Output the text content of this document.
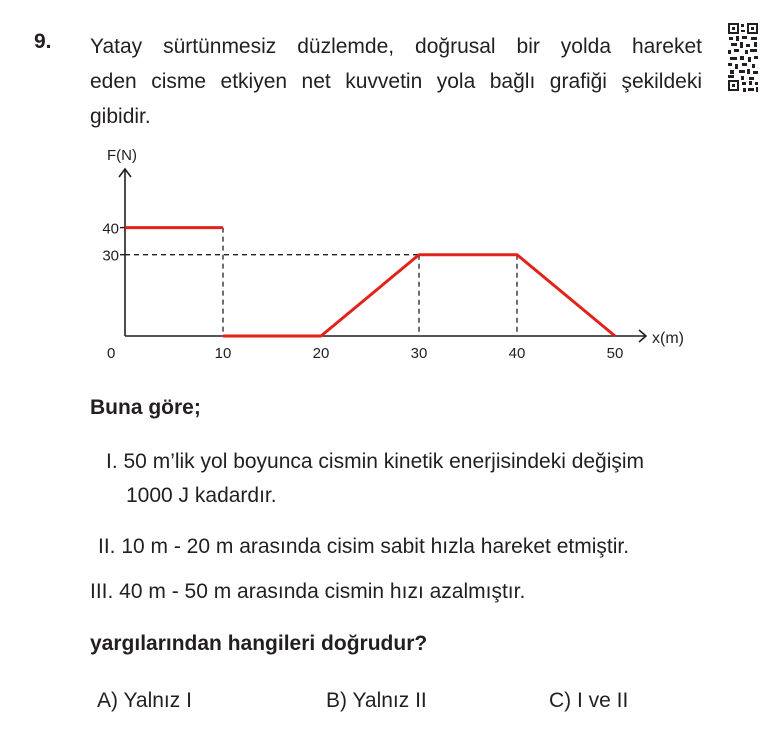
9. Yatay sürtünmesiz düzlemde, doğrusal bir yolda hareket
eden cisme etkiyen net kuvvetin yola bağlı grafiği şekildeki
gibidir.
F(N)
x(m)
0	10	20	30	40	50
30
40
Buna göre;
I. 50 m’lik yol boyunca cismin kinetik enerjisindeki değişim
1000 J kadardır.
II. 10 m - 20 m arasında cisim sabit hızla hareket etmiştir.
III. 40 m - 50 m arasında cismin hızı azalmıştır.
yargılarından hangileri doğrudur?
A) Yalnız I	B) Yalnız II	C) I ve II
